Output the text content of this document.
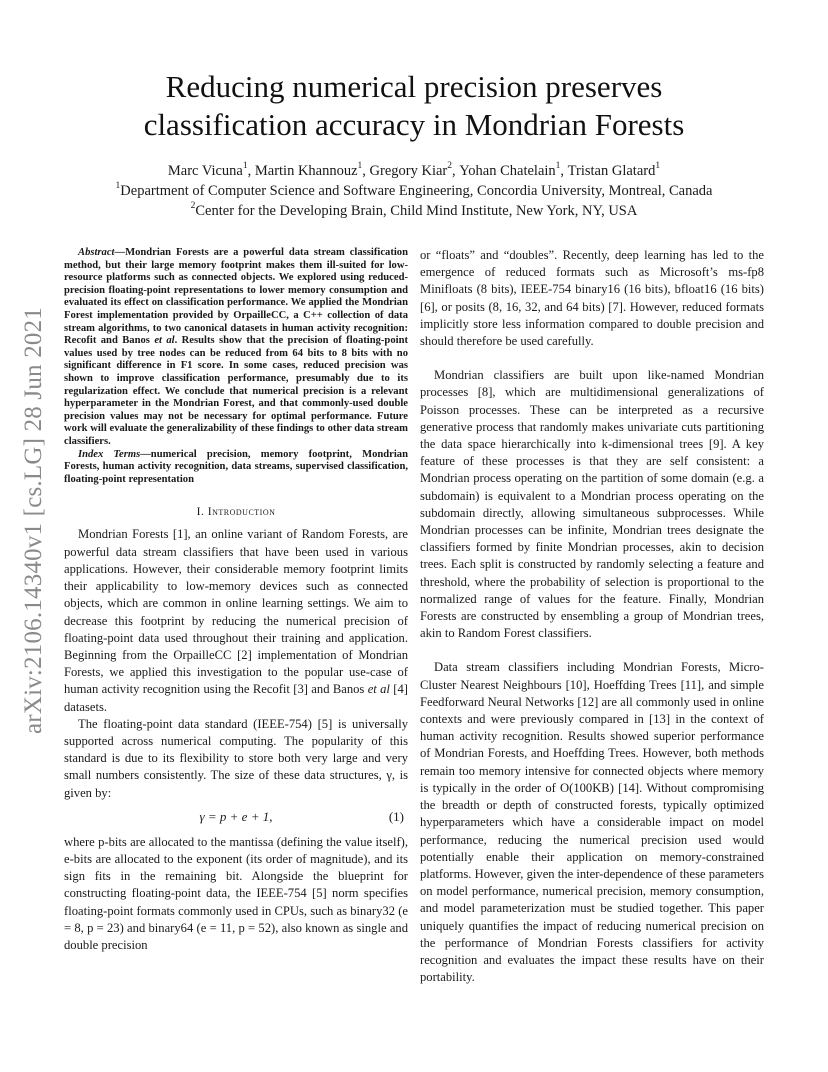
arXiv:2106.14340v1 [cs.LG] 28 Jun 2021
Reducing numerical precision preserves
classification accuracy in Mondrian Forests
Marc Vicuna$^1$, Martin Khannouz$^1$, Gregory Kiar$^2$, Yohan Chatelain$^1$, Tristan Glatard$^1$
$^1$Department of Computer Science and Software Engineering, Concordia University, Montreal, Canada
$^2$Center for the Developing Brain, Child Mind Institute, New York, NY, USA

Abstract—Mondrian Forests are a powerful data stream classification method, but their large memory footprint makes them ill-suited for low-resource platforms such as connected objects. We explored using reduced-precision floating-point representations to lower memory consumption and evaluated its effect on classification performance. We applied the Mondrian Forest implementation provided by OrpailleCC, a C++ collection of data stream algorithms, to two canonical datasets in human activity recognition: Recofit and Banos et al. Results show that the precision of floating-point values used by tree nodes can be reduced from 64 bits to 8 bits with no significant difference in F1 score. In some cases, reduced precision was shown to improve classification performance, presumably due to its regularization effect. We conclude that numerical precision is a relevant hyperparameter in the Mondrian Forest, and that commonly-used double precision values may not be necessary for optimal performance. Future work will evaluate the generalizability of these findings to other data stream classifiers.

Index Terms—numerical precision, memory footprint, Mondrian Forests, human activity recognition, data streams, supervised classification, floating-point representation

I. Introduction

Mondrian Forests [1], an online variant of Random Forests, are powerful data stream classifiers that have been used in various applications. However, their considerable memory footprint limits their applicability to low-memory devices such as connected objects, which are common in online learning settings. We aim to decrease this footprint by reducing the numerical precision of floating-point data used throughout their training and application. Beginning from the OrpailleCC [2] implementation of Mondrian Forests, we applied this investigation to the popular use-case of human activity recognition using the Recofit [3] and Banos et al [4] datasets.

The floating-point data standard (IEEE-754) [5] is universally supported across numerical computing. The popularity of this standard is due to its flexibility to store both very large and very small numbers consistently. The size of these data structures, γ, is given by:

γ = p + e + 1,	(1)

where p-bits are allocated to the mantissa (defining the value itself), e-bits are allocated to the exponent (its order of magnitude), and its sign fits in the remaining bit. Alongside the blueprint for constructing floating-point data, the IEEE-754 [5] norm specifies floating-point formats commonly used in CPUs, such as binary32 (e = 8, p = 23) and binary64 (e = 11, p = 52), also known as single and double precision

or “floats” and “doubles”. Recently, deep learning has led to the emergence of reduced formats such as Microsoft’s ms-fp8 Minifloats (8 bits), IEEE-754 binary16 (16 bits), bfloat16 (16 bits) [6], or posits (8, 16, 32, and 64 bits) [7]. However, reduced formats implicitly store less information compared to double precision and should therefore be used carefully.

Mondrian classifiers are built upon like-named Mondrian processes [8], which are multidimensional generalizations of Poisson processes. These can be interpreted as a recursive generative process that randomly makes univariate cuts partitioning the data space hierarchically into k-dimensional trees [9]. A key feature of these processes is that they are self consistent: a Mondrian process operating on the partition of some domain (e.g. a subdomain) is equivalent to a Mondrian process operating on the subdomain directly, allowing simultaneous subprocesses. While Mondrian processes can be infinite, Mondrian trees designate the classifiers formed by finite Mondrian processes, akin to decision trees. Each split is constructed by randomly selecting a feature and threshold, where the probability of selection is proportional to the normalized range of values for the feature. Finally, Mondrian Forests are constructed by ensembling a group of Mondrian trees, akin to Random Forest classifiers.

Data stream classifiers including Mondrian Forests, Micro-Cluster Nearest Neighbours [10], Hoeffding Trees [11], and simple Feedforward Neural Networks [12] are all commonly used in online contexts and were previously compared in [13] in the context of human activity recognition. Results showed superior performance of Mondrian Forests, and Hoeffding Trees. However, both methods remain too memory intensive for connected objects where memory is typically in the order of O(100KB) [14]. Without compromising the breadth or depth of constructed forests, typically optimized hyperparameters which have a considerable impact on model performance, reducing the numerical precision used would potentially enable their application on memory-constrained platforms. However, given the inter-dependence of these parameters on model performance, numerical precision, memory consumption, and model parameterization must be studied together. This paper uniquely quantifies the impact of reducing numerical precision on the performance of Mondrian Forests classifiers for activity recognition and evaluates the impact these results have on their portability.
